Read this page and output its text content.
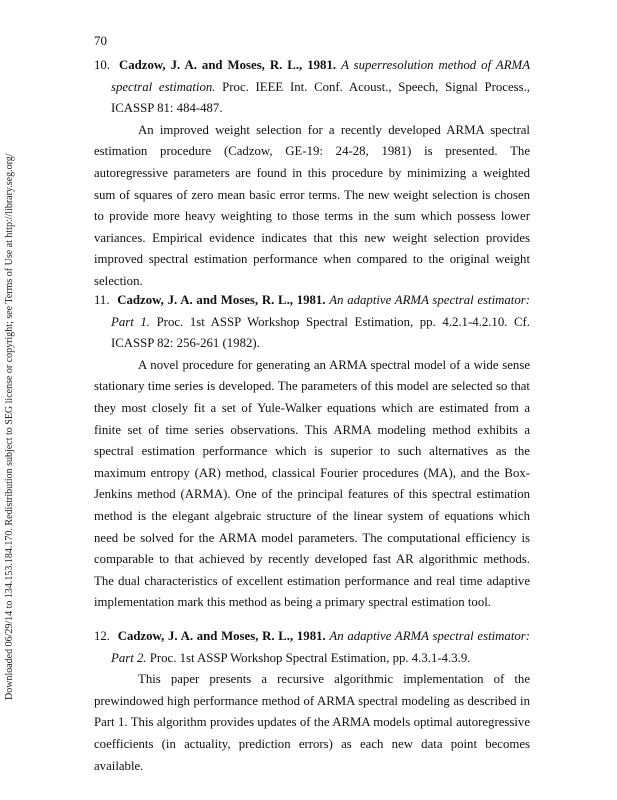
70
Downloaded 06/29/14 to 134.153.184.170. Redistribution subject to SEG license or copyright; see Terms of Use at http://library.seg.org/

10. Cadzow, J. A. and Moses, R. L., 1981. A superresolution method of ARMA spectral estimation. Proc. IEEE Int. Conf. Acoust., Speech, Signal Process., ICASSP 81: 484-487.

An improved weight selection for a recently developed ARMA spectral estimation procedure (Cadzow, GE-19: 24-28, 1981) is presented. The autoregressive parameters are found in this procedure by minimizing a weighted sum of squares of zero mean basic error terms. The new weight selection is chosen to provide more heavy weighting to those terms in the sum which possess lower variances. Empirical evidence indicates that this new weight selection provides improved spectral estimation performance when compared to the original weight selection.

11. Cadzow, J. A. and Moses, R. L., 1981. An adaptive ARMA spectral estimator: Part 1. Proc. 1st ASSP Workshop Spectral Estimation, pp. 4.2.1-4.2.10. Cf. ICASSP 82: 256-261 (1982).

A novel procedure for generating an ARMA spectral model of a wide sense stationary time series is developed. The parameters of this model are selected so that they most closely fit a set of Yule-Walker equations which are estimated from a finite set of time series observations. This ARMA modeling method exhibits a spectral estimation performance which is superior to such alternatives as the maximum entropy (AR) method, classical Fourier procedures (MA), and the Box-Jenkins method (ARMA). One of the principal features of this spectral estimation method is the elegant algebraic structure of the linear system of equations which need be solved for the ARMA model parameters. The computational efficiency is comparable to that achieved by recently developed fast AR algorithmic methods. The dual characteristics of excellent estimation performance and real time adaptive implementation mark this method as being a primary spectral estimation tool.

12. Cadzow, J. A. and Moses, R. L., 1981. An adaptive ARMA spectral estimator: Part 2. Proc. 1st ASSP Workshop Spectral Estimation, pp. 4.3.1-4.3.9.

This paper presents a recursive algorithmic implementation of the prewindowed high performance method of ARMA spectral modeling as described in Part 1. This algorithm provides updates of the ARMA models optimal autoregressive coefficients (in actuality, prediction errors) as each new data point becomes available.
